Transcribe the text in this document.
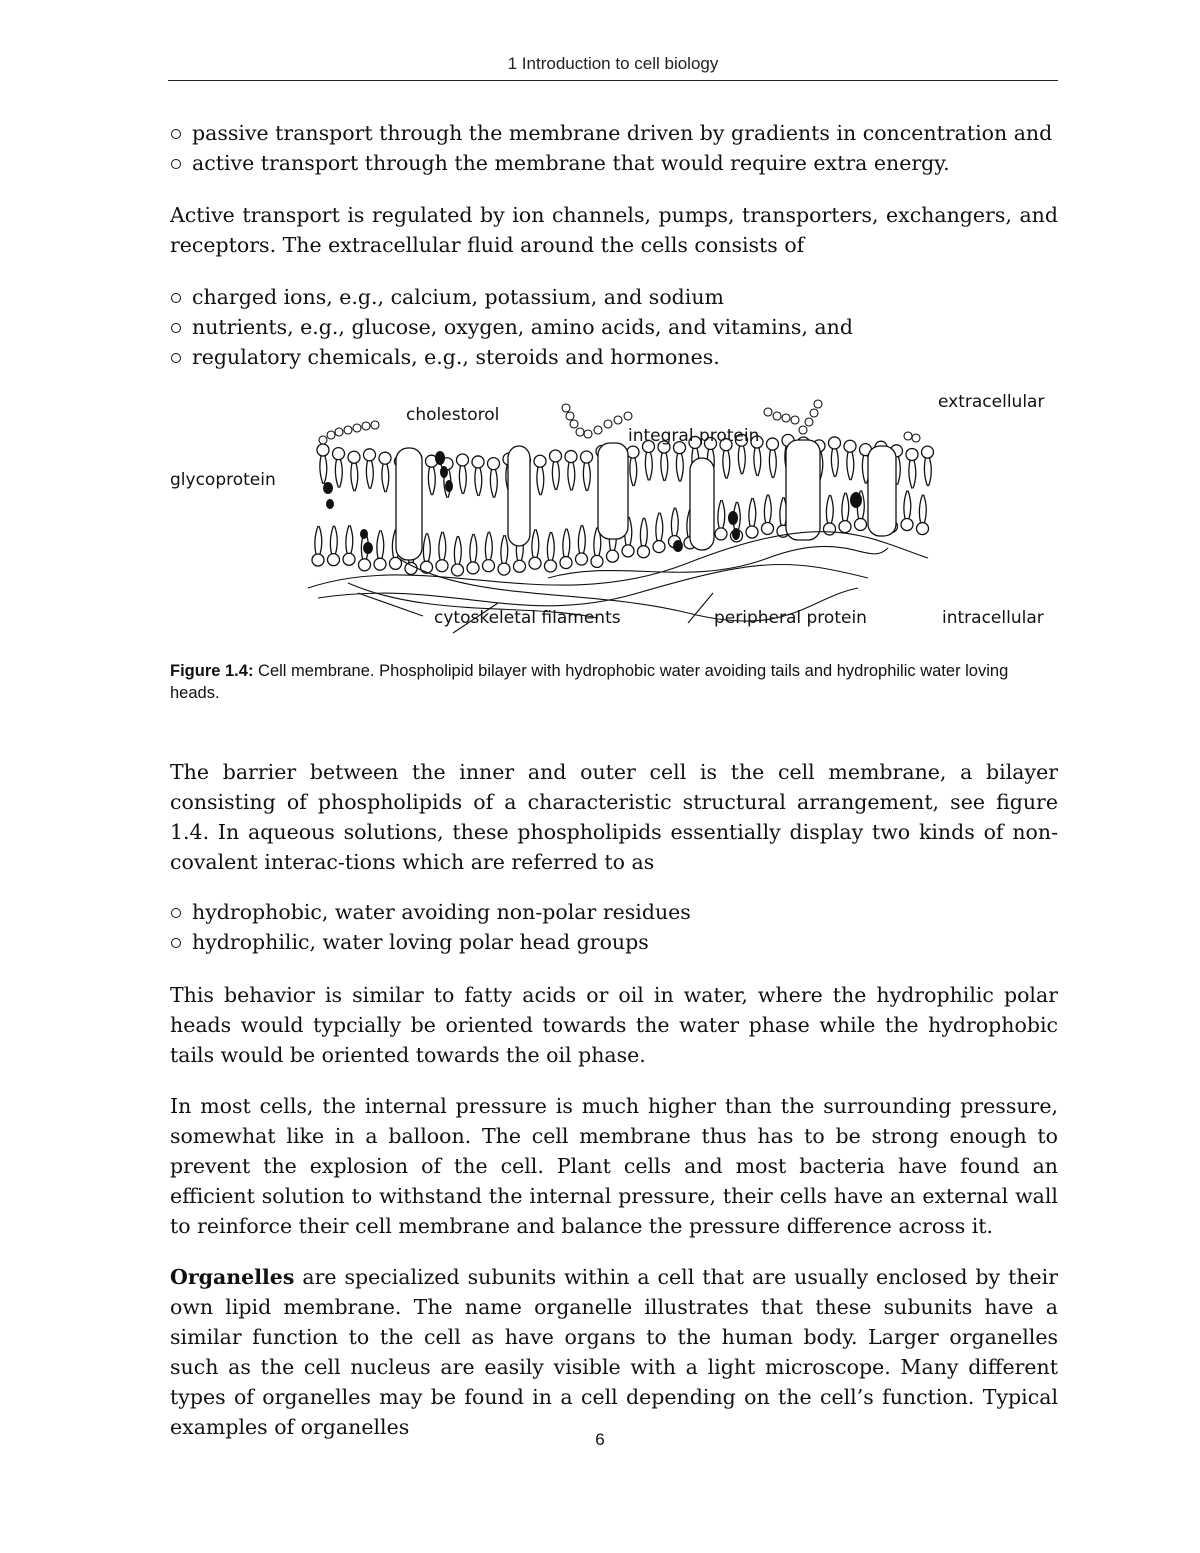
1 Introduction to cell biology
passive transport through the membrane driven by gradients in concentration and
active transport through the membrane that would require extra energy.

Active transport is regulated by ion channels, pumps, transporters, exchangers, and receptors. The extracellular fluid around the cells consists of

charged ions, e.g., calcium, potassium, and sodium
nutrients, e.g., glucose, oxygen, amino acids, and vitamins, and
regulatory chemicals, e.g., steroids and hormones.
cholestorol
integral protein
extracellular
glycoprotein
cytoskeletal filaments	peripheral protein	intracellular
Figure 1.4: Cell membrane. Phospholipid bilayer with hydrophobic water avoiding tails and hydrophilic water loving heads.

The barrier between the inner and outer cell is the cell membrane, a bilayer consisting of phospholipids of a characteristic structural arrangement, see figure 1.4. In aqueous solutions, these phospholipids essentially display two kinds of non-covalent interac-tions which are referred to as

hydrophobic, water avoiding non-polar residues
hydrophilic, water loving polar head groups

This behavior is similar to fatty acids or oil in water, where the hydrophilic polar heads would typcially be oriented towards the water phase while the hydrophobic tails would be oriented towards the oil phase.

In most cells, the internal pressure is much higher than the surrounding pressure, somewhat like in a balloon. The cell membrane thus has to be strong enough to prevent the explosion of the cell. Plant cells and most bacteria have found an efficient solution to withstand the internal pressure, their cells have an external wall to reinforce their cell membrane and balance the pressure difference across it.

Organelles are specialized subunits within a cell that are usually enclosed by their own lipid membrane. The name organelle illustrates that these subunits have a similar function to the cell as have organs to the human body. Larger organelles such as the cell nucleus are easily visible with a light microscope. Many different types of organelles may be found in a cell depending on the cell’s function. Typical examples of organelles

6
